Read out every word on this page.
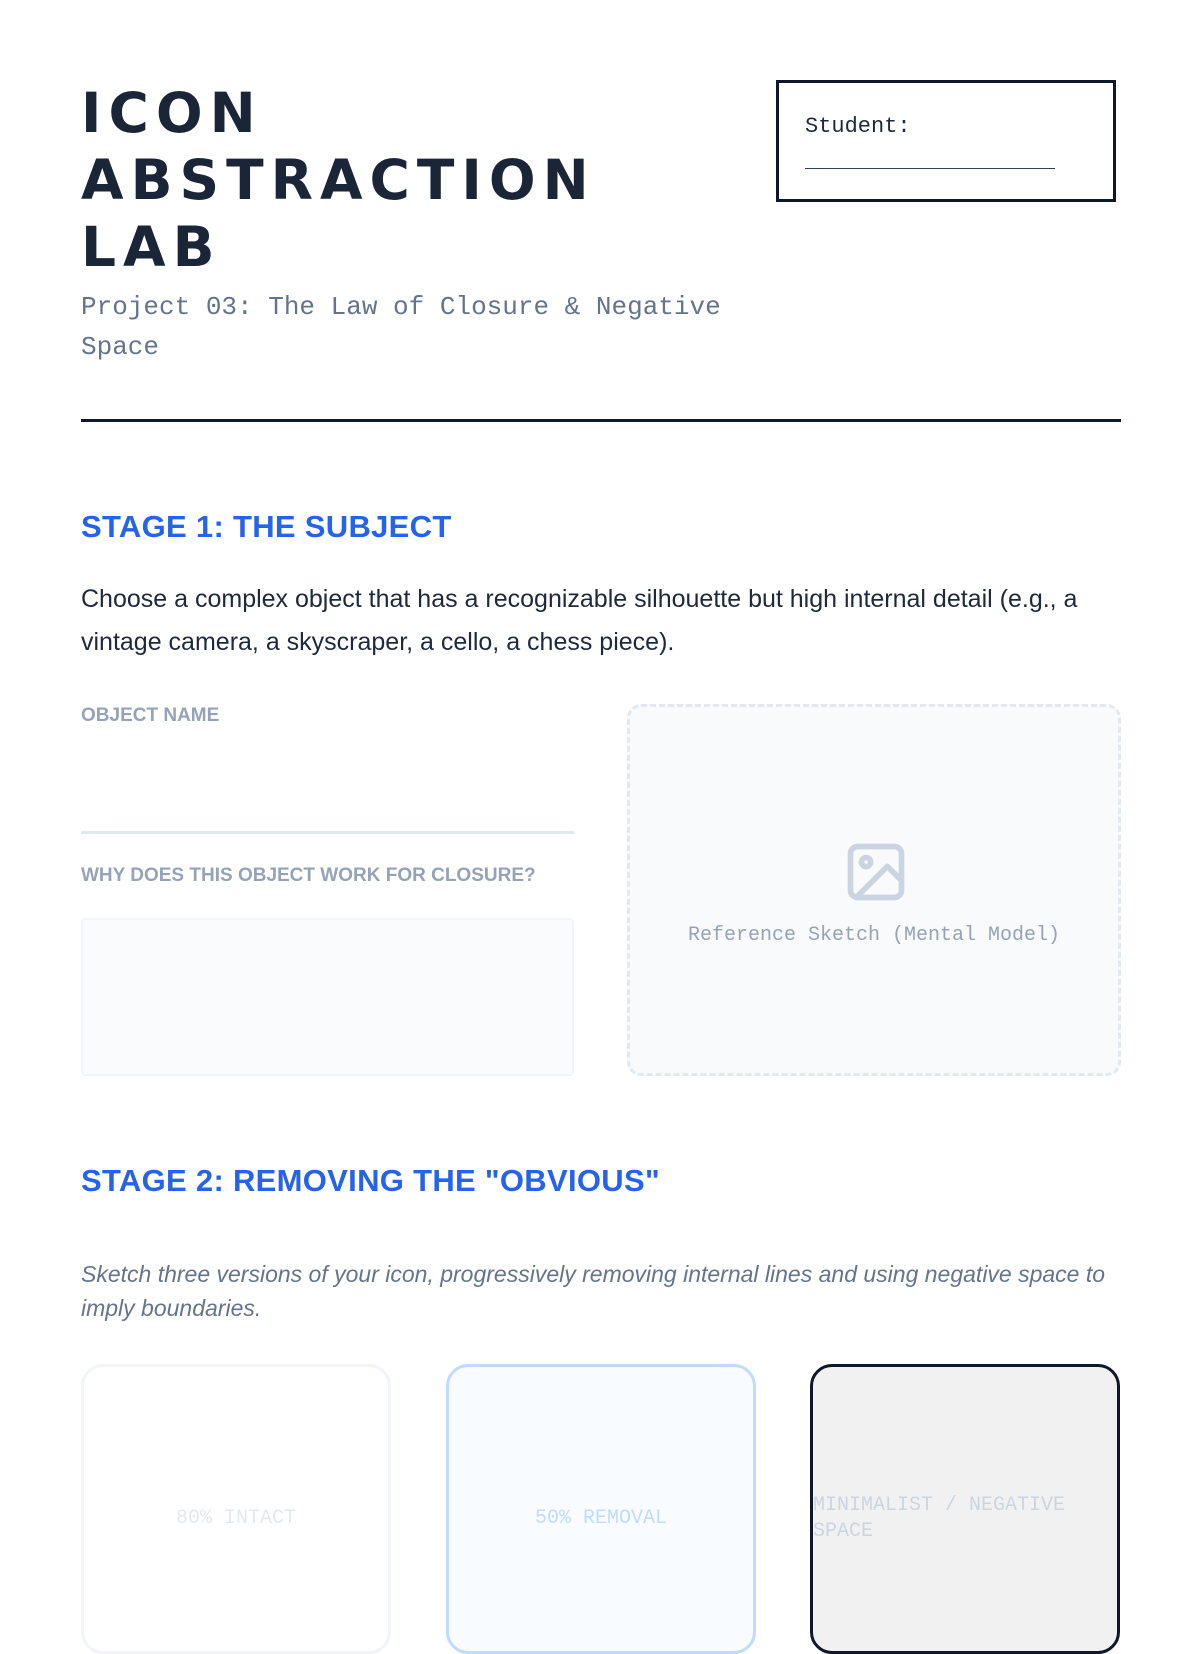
ICON
ABSTRACTION
LAB

Project 03: The Law of Closure & Negative Space

Student:
STAGE 1: THE SUBJECT

Choose a complex object that has a recognizable silhouette but high internal detail (e.g., a vintage camera, a skyscraper, a cello, a chess piece).

OBJECT NAME
WHY DOES THIS OBJECT WORK FOR CLOSURE?
Reference Sketch (Mental Model)
STAGE 2: REMOVING THE "OBVIOUS"

Sketch three versions of your icon, progressively removing internal lines and using negative space to imply boundaries.

80% INTACT	50% REMOVAL
MINIMALIST / NEGATIVE SPACE
